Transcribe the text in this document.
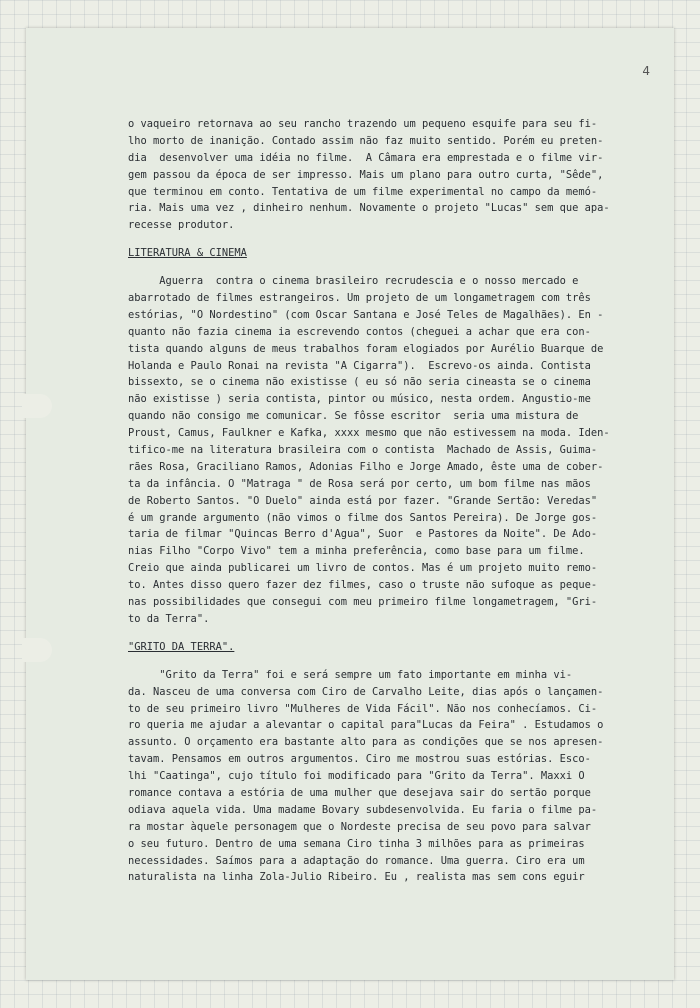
4
o vaqueiro retornava ao seu rancho trazendo um pequeno esquife para seu fi-
lho morto de inanição. Contado assim não faz muito sentido. Porém eu preten-
dia  desenvolver uma idéia no filme.  A Câmara era emprestada e o filme vir-
gem passou da época de ser impresso. Mais um plano para outro curta, "Sêde",
que terminou em conto. Tentativa de um filme experimental no campo da memó-
ria. Mais uma vez , dinheiro nenhum. Novamente o projeto "Lucas" sem que apa-
recesse produtor.
LITERATURA & CINEMA
Aguerra  contra o cinema brasileiro recrudescia e o nosso mercado e
abarrotado de filmes estrangeiros. Um projeto de um longametragem com três
estórias, "O Nordestino" (com Oscar Santana e José Teles de Magalhães). En -
quanto não fazia cinema ia escrevendo contos (cheguei a achar que era con-
tista quando alguns de meus trabalhos foram elogiados por Aurélio Buarque de
Holanda e Paulo Ronai na revista "A Cigarra").  Escrevo-os ainda. Contista
bissexto, se o cinema não existisse ( eu só não seria cineasta se o cinema
não existisse ) seria contista, pintor ou músico, nesta ordem. Angustio-me
quando não consigo me comunicar. Se fôsse escritor  seria uma mistura de
Proust, Camus, Faulkner e Kafka, xxxx mesmo que não estivessem na moda. Iden-
tifico-me na literatura brasileira com o contista  Machado de Assis, Guima-
rães Rosa, Graciliano Ramos, Adonias Filho e Jorge Amado, êste uma de cober-
ta da infância. O "Matraga " de Rosa será por certo, um bom filme nas mãos
de Roberto Santos. "O Duelo" ainda está por fazer. "Grande Sertão: Veredas"
é um grande argumento (não vimos o filme dos Santos Pereira). De Jorge gos-
taria de filmar "Quincas Berro d'Agua", Suor  e Pastores da Noite". De Ado-
nias Filho "Corpo Vivo" tem a minha preferência, como base para um filme.
Creio que ainda publicarei um livro de contos. Mas é um projeto muito remo-
to. Antes disso quero fazer dez filmes, caso o truste não sufoque as peque-
nas possibilidades que consegui com meu primeiro filme longametragem, "Gri-
to da Terra".
"GRITO DA TERRA".
"Grito da Terra" foi e será sempre um fato importante em minha vi-
da. Nasceu de uma conversa com Ciro de Carvalho Leite, dias após o lançamen-
to de seu primeiro livro "Mulheres de Vida Fácil". Não nos conhecíamos. Ci-
ro queria me ajudar a alevantar o capital para"Lucas da Feira" . Estudamos o
assunto. O orçamento era bastante alto para as condições que se nos apresen-
tavam. Pensamos em outros argumentos. Ciro me mostrou suas estórias. Esco-
lhi "Caatinga", cujo título foi modificado para "Grito da Terra". Maxxi O
romance contava a estória de uma mulher que desejava sair do sertão porque
odiava aquela vida. Uma madame Bovary subdesenvolvida. Eu faria o filme pa-
ra mostar àquele personagem que o Nordeste precisa de seu povo para salvar
o seu futuro. Dentro de uma semana Ciro tinha 3 milhões para as primeiras
necessidades. Saímos para a adaptação do romance. Uma guerra. Ciro era um
naturalista na linha Zola-Julio Ribeiro. Eu , realista mas sem cons eguir
